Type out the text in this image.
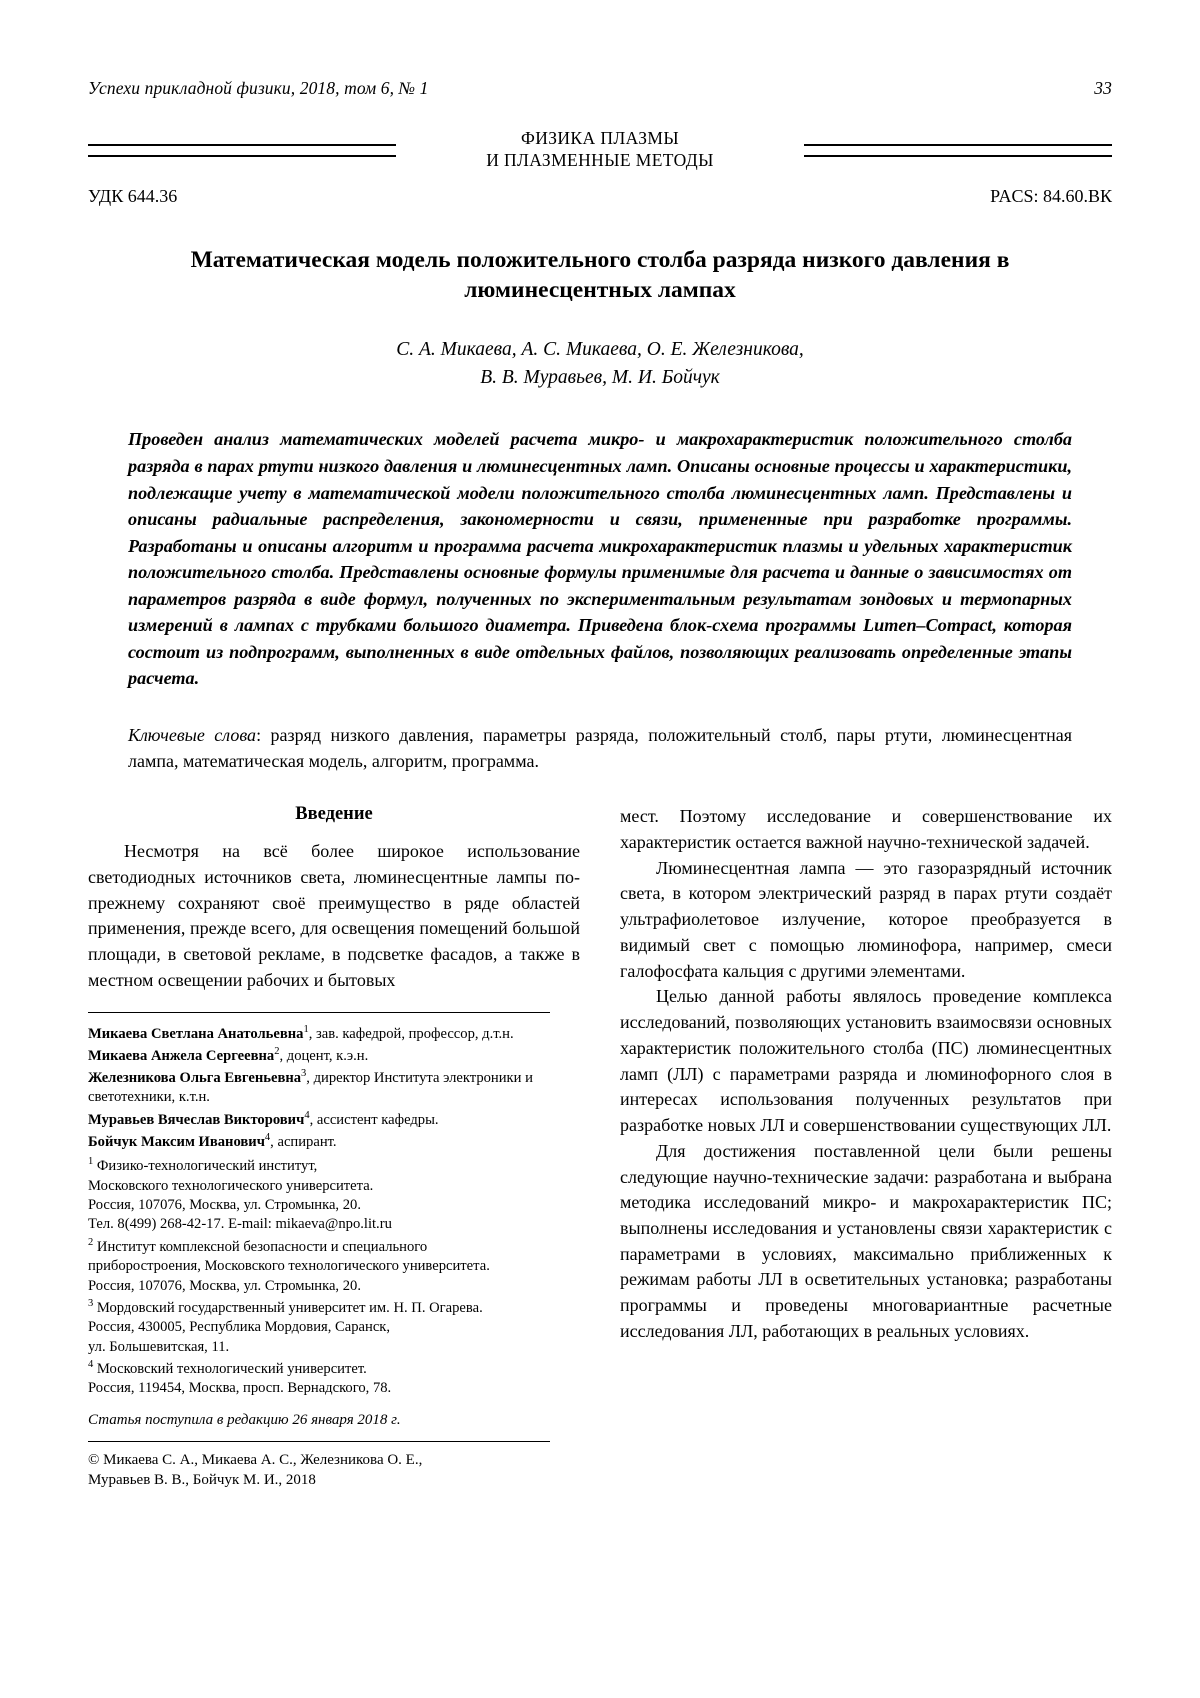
Успехи прикладной физики, 2018, том 6, № 1	33
ФИЗИКА ПЛАЗМЫ
И ПЛАЗМЕННЫЕ МЕТОДЫ
УДК 644.36	PACS: 84.60.ВК
Математическая модель положительного столба разряда низкого давления в люминесцентных лампах
С. А. Микаева, А. С. Микаева, О. Е. Железникова,
В. В. Муравьев, М. И. Бойчук
Проведен анализ математических моделей расчета микро- и макрохарактеристик положительного столба разряда в парах ртути низкого давления и люминесцентных ламп. Описаны основные процессы и характеристики, подлежащие учету в математической модели положительного столба люминесцентных ламп. Представлены и описаны радиальные распределения, закономерности и связи, примененные при разработке программы. Разработаны и описаны алгоритм и программа расчета микрохарактеристик плазмы и удельных характеристик положительного столба. Представлены основные формулы применимые для расчета и данные о зависимостях от параметров разряда в виде формул, полученных по экспериментальным результатам зондовых и термопарных измерений в лампах с трубками большого диаметра. Приведена блок-схема программы Lumen–Compact, которая состоит из подпрограмм, выполненных в виде отдельных файлов, позволяющих реализовать определенные этапы расчета.
Ключевые слова: разряд низкого давления, параметры разряда, положительный столб, пары ртути, люминесцентная лампа, математическая модель, алгоритм, программа.
Введение

Несмотря на всё более широкое использование светодиодных источников света, люминесцентные лампы по-прежнему сохраняют своё преимущество в ряде областей применения, прежде всего, для освещения помещений большой площади, в световой рекламе, в подсветке фасадов, а также в местном освещении рабочих и бытовых

Микаева Светлана Анатольевна$^1$, зав. кафедрой, профессор, д.т.н.
Микаева Анжела Сергеевна$^2$, доцент, к.э.н.
Железникова Ольга Евгеньевна$^3$, директор Института электроники и светотехники, к.т.н.
Муравьев Вячеслав Викторович$^4$, ассистент кафедры.
Бойчук Максим Иванович$^4$, аспирант.
$^1$ Физико-технологический институт,
Московского технологического университета.
Россия, 107076, Москва, ул. Стромынка, 20.
Тел. 8(499) 268-42-17. E-mail: mikaeva@npo.lit.ru
$^2$ Институт комплексной безопасности и специального
приборостроения, Московского технологического университета.
Россия, 107076, Москва, ул. Стромынка, 20.
$^3$ Мордовский государственный университет им. Н. П. Огарева.
Россия, 430005, Республика Мордовия, Саранск,
ул. Большевитская, 11.
$^4$ Московский технологический университет.
Россия, 119454, Москва, просп. Вернадского, 78.
Статья поступила в редакцию 26 января 2018 г.
© Микаева С. А., Микаева А. С., Железникова О. Е.,
Муравьев В. В., Бойчук М. И., 2018

мест. Поэтому исследование и совершенствование их характеристик остается важной научно-технической задачей.

Люминесцентная лампа — это газоразрядный источник света, в котором электрический разряд в парах ртути создаёт ультрафиолетовое излучение, которое преобразуется в видимый свет с помощью люминофора, например, смеси галофосфата кальция с другими элементами.

Целью данной работы являлось проведение комплекса исследований, позволяющих установить взаимосвязи основных характеристик положительного столба (ПС) люминесцентных ламп (ЛЛ) с параметрами разряда и люминофорного слоя в интересах использования полученных результатов при разработке новых ЛЛ и совершенствовании существующих ЛЛ.

Для достижения поставленной цели были решены следующие научно-технические задачи: разработана и выбрана методика исследований микро- и макрохарактеристик ПС; выполнены исследования и установлены связи характеристик с параметрами в условиях, максимально приближенных к режимам работы ЛЛ в осветительных установка; разработаны программы и проведены многовариантные расчетные исследования ЛЛ, работающих в реальных условиях.
